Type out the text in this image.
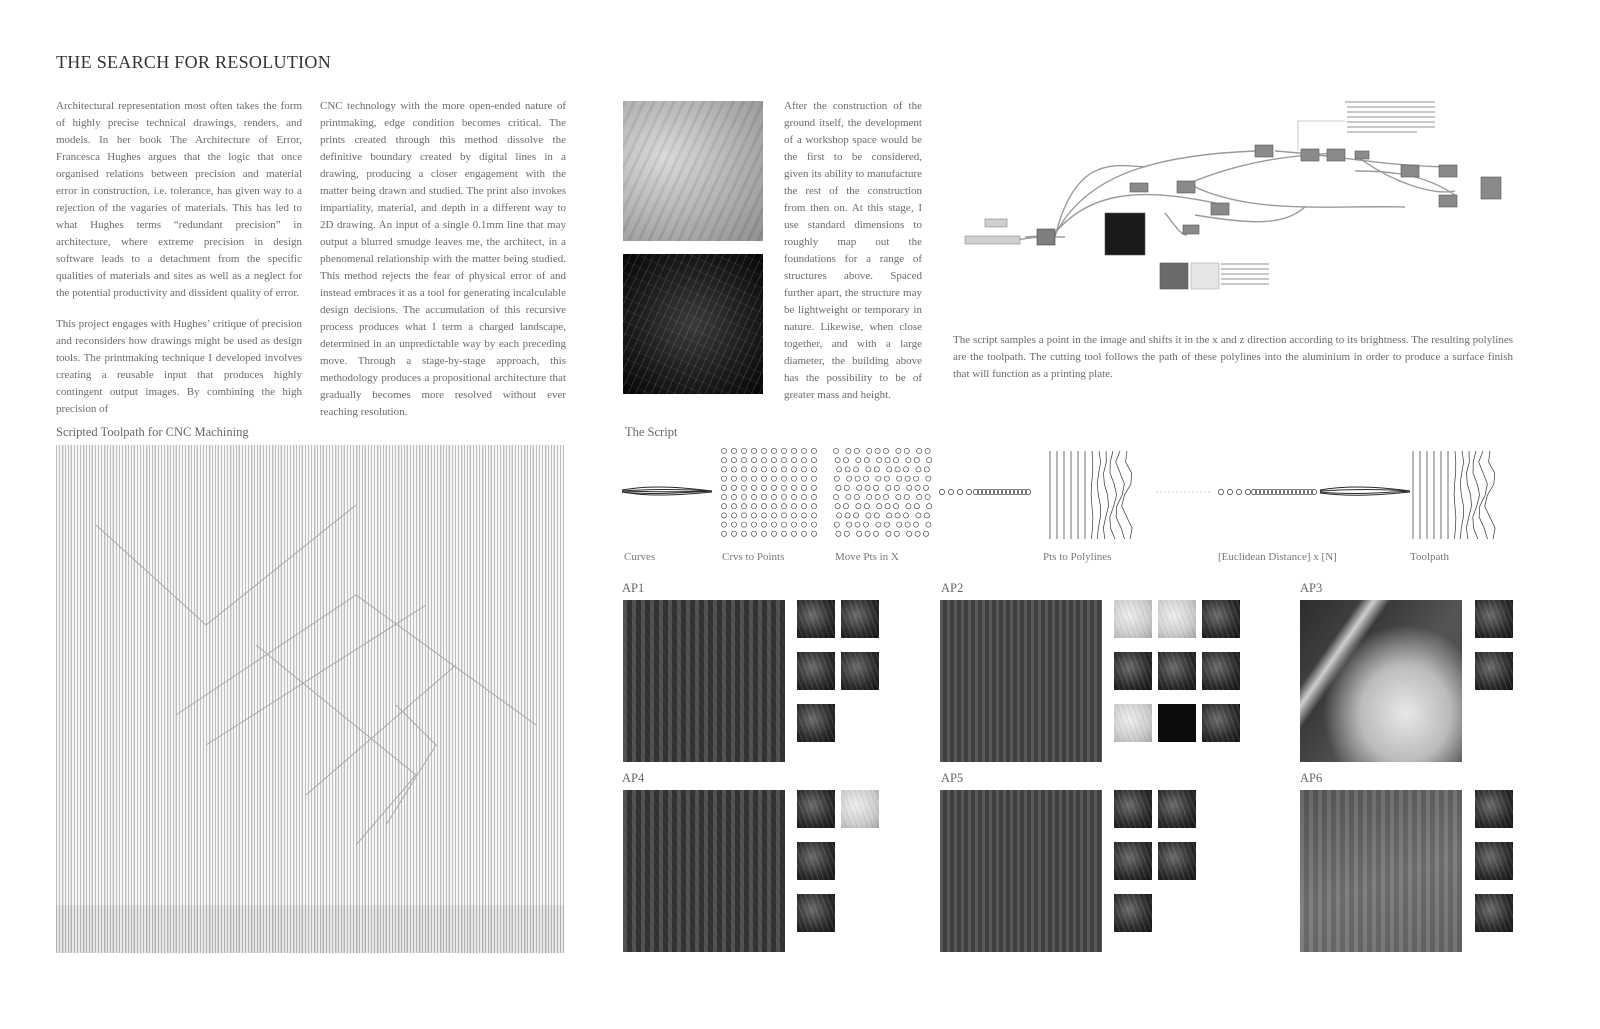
THE SEARCH FOR RESOLUTION

Architectural representation most often takes the form of highly precise technical drawings, renders, and models. In her book The Architecture of Error, Francesca Hughes argues that the logic that once organised relations between precision and material error in construction, i.e. tolerance, has given way to a rejection of the vagaries of materials. This has led to what Hughes terms “redundant precision” in architecture, where extreme precision in design software leads to a detachment from the specific qualities of materials and sites as well as a neglect for the potential productivity and dissident quality of error.

This project engages with Hughes’ critique of precision and reconsiders how drawings might be used as design tools. The printmaking technique I developed involves creating a reusable input that produces highly contingent output images. By combining the high precision of

CNC technology with the more open-ended nature of printmaking, edge condition becomes critical. The prints created through this method dissolve the definitive boundary created by digital lines in a drawing, producing a closer engagement with the matter being drawn and studied. The print also invokes impartiality, material, and depth in a different way to 2D drawing. An input of a single 0.1mm line that may output a blurred smudge leaves me, the architect, in a phenomenal relationship with the matter being studied. This method rejects the fear of physical error of and instead embraces it as a tool for generating incalculable design decisions. The accumulation of this recursive process produces what I term a charged landscape, determined in an unpredictable way by each preceding move. Through a stage-by-stage approach, this methodology produces a propositional architecture that gradually becomes more resolved without ever reaching resolution.

After the construction of the ground itself, the development of a workshop space would be the first to be considered, given its ability to manufacture the rest of the construction from then on. At this stage, I use standard dimensions to roughly map out the foundations for a range of structures above. Spaced further apart, the structure may be lightweight or temporary in nature. Likewise, when close together, and with a large diameter, the building above has the possibility to be of greater mass and height.

The script samples a point in the image and shifts it in the x and z direction according to its brightness. The resulting polylines are the toolpath. The cutting tool follows the path of these polylines into the aluminium in order to produce a surface finish that will function as a printing plate.
Scripted Toolpath for CNC Machining	The Script
Curves	Crvs to Points	Move Pts in X	Pts to Polylines	[Euclidean Distance] x [N]	Toolpath
AP1	AP2	AP3
AP4	AP5	AP6
